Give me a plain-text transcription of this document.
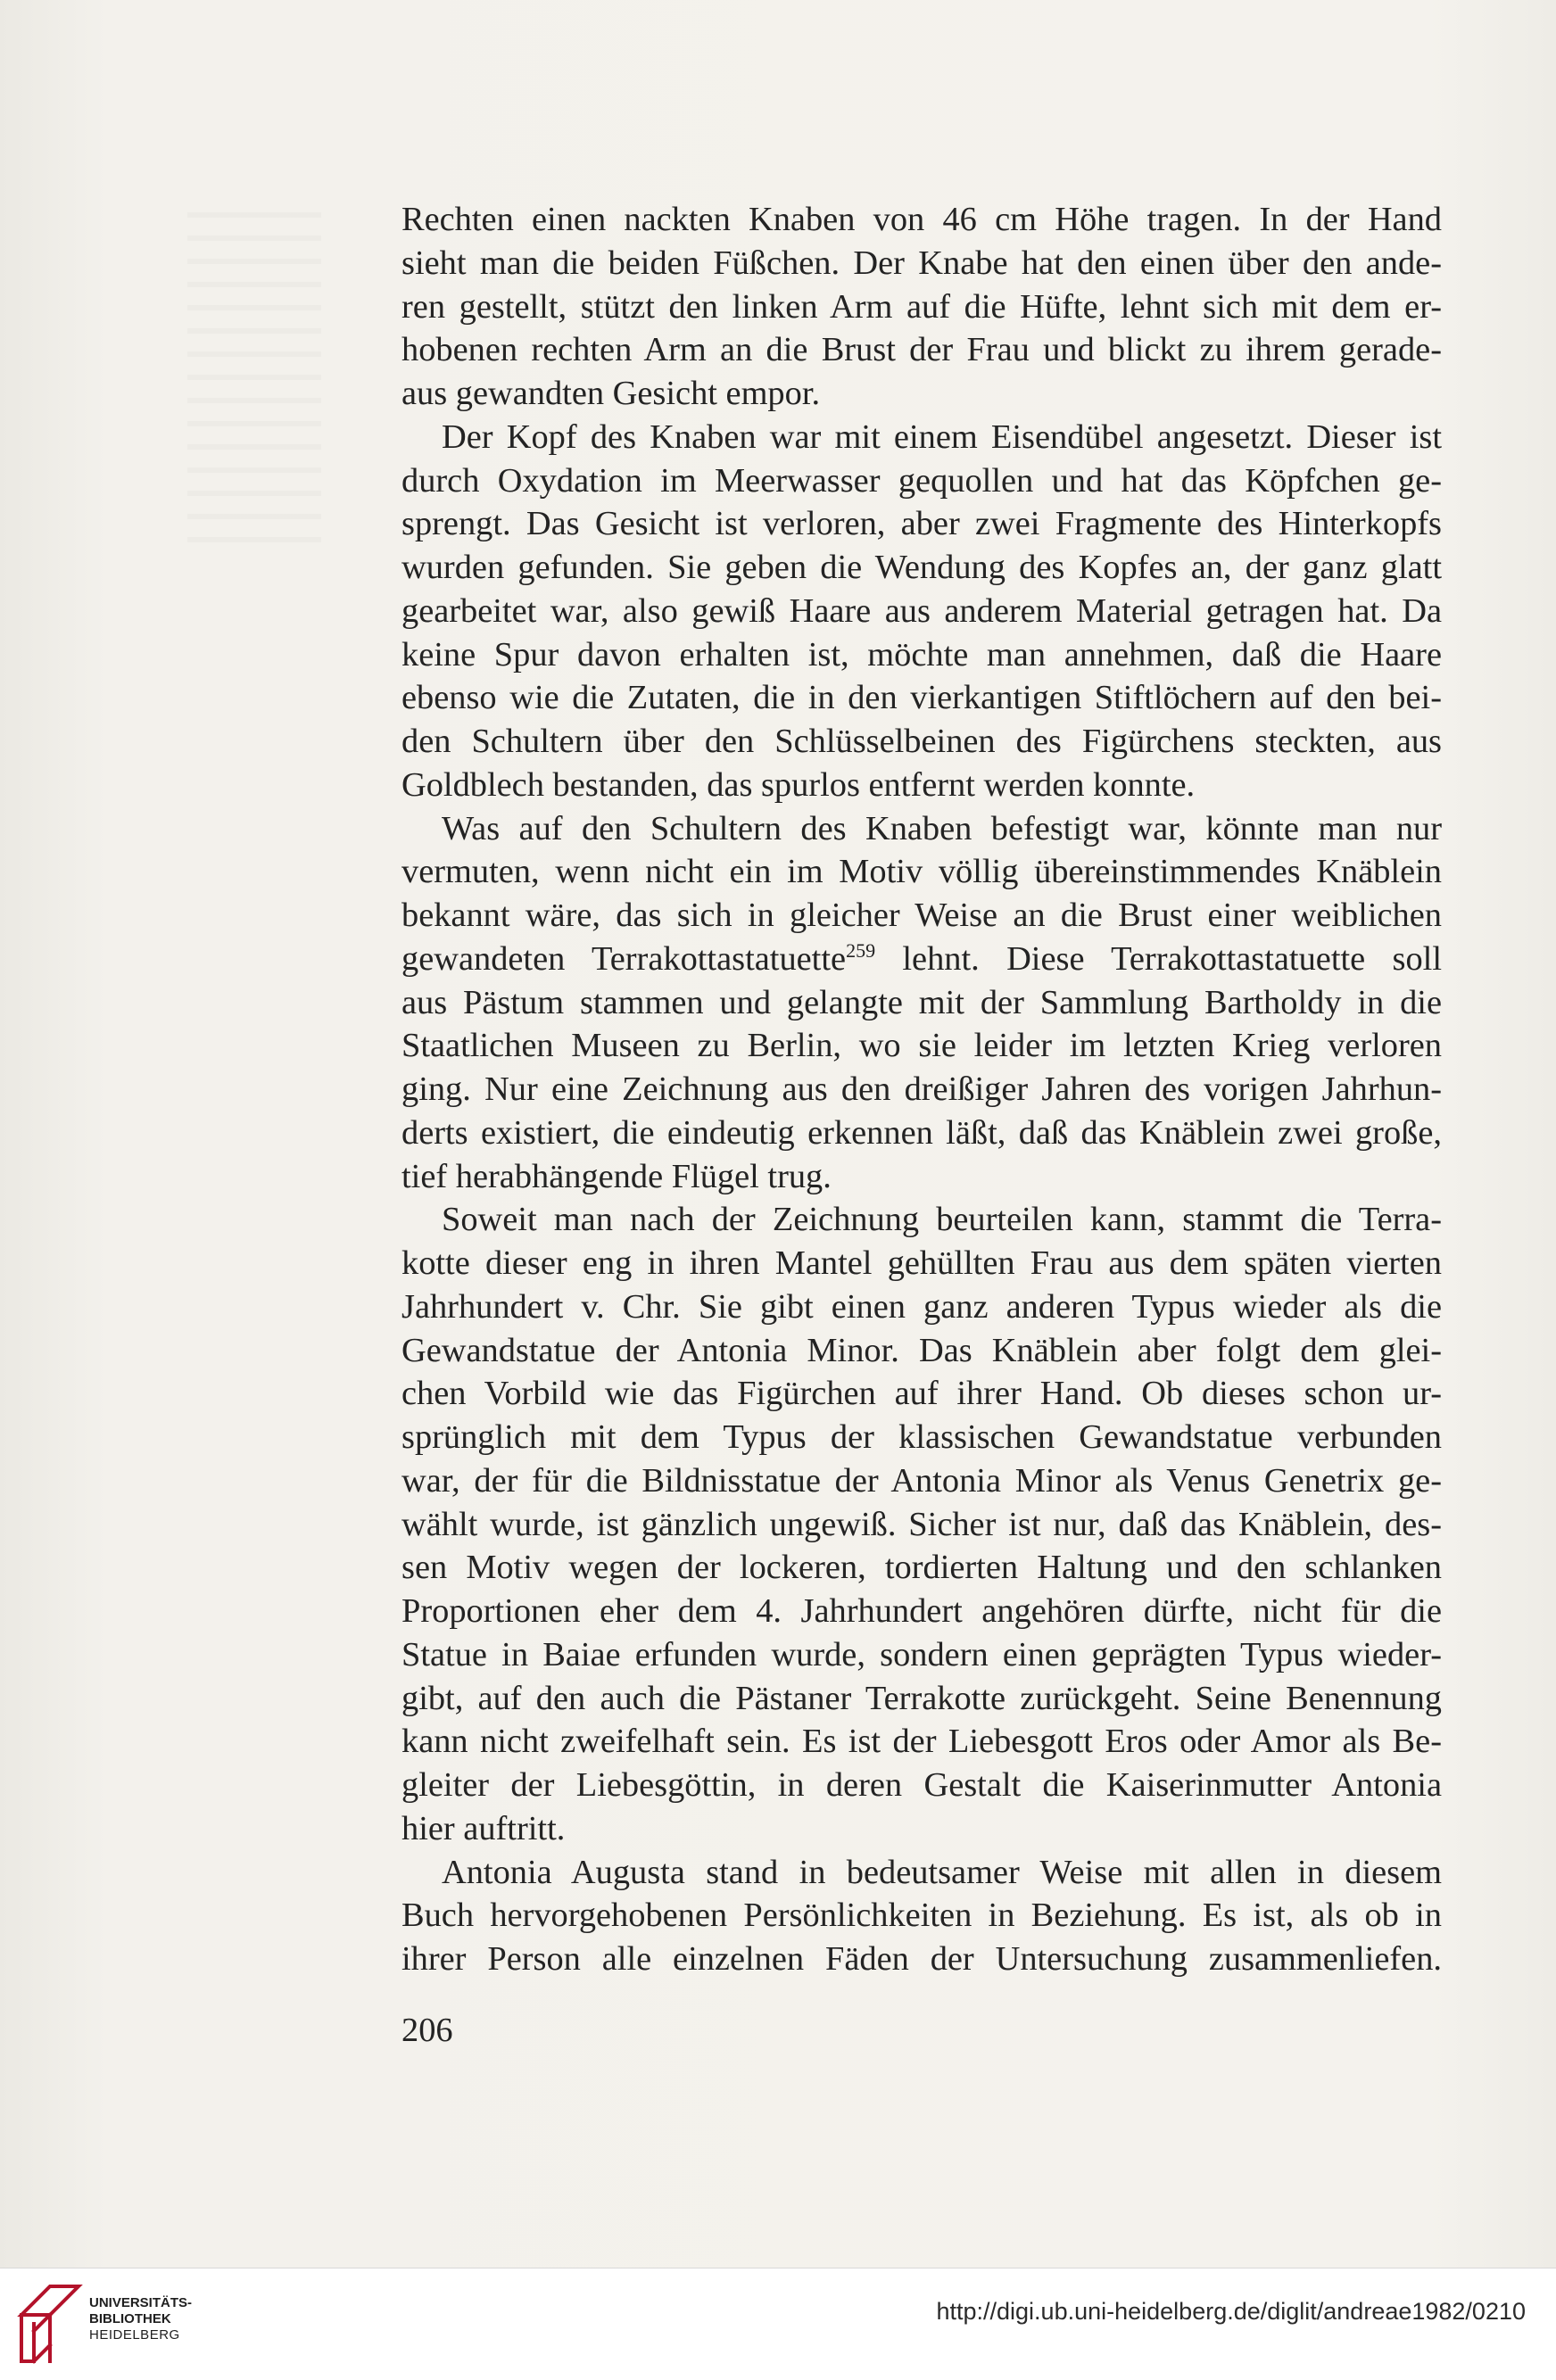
Rechten einen nackten Knaben von 46 cm Höhe tragen. In der Hand
sieht man die beiden Füßchen. Der Knabe hat den einen über den ande-
ren gestellt, stützt den linken Arm auf die Hüfte, lehnt sich mit dem er-
hobenen rechten Arm an die Brust der Frau und blickt zu ihrem gerade-
aus gewandten Gesicht empor.
Der Kopf des Knaben war mit einem Eisendübel angesetzt. Dieser ist
durch Oxydation im Meerwasser gequollen und hat das Köpfchen ge-
sprengt. Das Gesicht ist verloren, aber zwei Fragmente des Hinterkopfs
wurden gefunden. Sie geben die Wendung des Kopfes an, der ganz glatt
gearbeitet war, also gewiß Haare aus anderem Material getragen hat. Da
keine Spur davon erhalten ist, möchte man annehmen, daß die Haare
ebenso wie die Zutaten, die in den vierkantigen Stiftlöchern auf den bei-
den Schultern über den Schlüsselbeinen des Figürchens steckten, aus
Goldblech bestanden, das spurlos entfernt werden konnte.
Was auf den Schultern des Knaben befestigt war, könnte man nur
vermuten, wenn nicht ein im Motiv völlig übereinstimmendes Knäblein
bekannt wäre, das sich in gleicher Weise an die Brust einer weiblichen
gewandeten Terrakottastatuette$^{259}$ lehnt. Diese Terrakottastatuette soll
aus Pästum stammen und gelangte mit der Sammlung Bartholdy in die
Staatlichen Museen zu Berlin, wo sie leider im letzten Krieg verloren
ging. Nur eine Zeichnung aus den dreißiger Jahren des vorigen Jahrhun-
derts existiert, die eindeutig erkennen läßt, daß das Knäblein zwei große,
tief herabhängende Flügel trug.
Soweit man nach der Zeichnung beurteilen kann, stammt die Terra-
kotte dieser eng in ihren Mantel gehüllten Frau aus dem späten vierten
Jahrhundert v. Chr. Sie gibt einen ganz anderen Typus wieder als die
Gewandstatue der Antonia Minor. Das Knäblein aber folgt dem glei-
chen Vorbild wie das Figürchen auf ihrer Hand. Ob dieses schon ur-
sprünglich mit dem Typus der klassischen Gewandstatue verbunden
war, der für die Bildnisstatue der Antonia Minor als Venus Genetrix ge-
wählt wurde, ist gänzlich ungewiß. Sicher ist nur, daß das Knäblein, des-
sen Motiv wegen der lockeren, tordierten Haltung und den schlanken
Proportionen eher dem 4. Jahrhundert angehören dürfte, nicht für die
Statue in Baiae erfunden wurde, sondern einen geprägten Typus wieder-
gibt, auf den auch die Pästaner Terrakotte zurückgeht. Seine Benennung
kann nicht zweifelhaft sein. Es ist der Liebesgott Eros oder Amor als Be-
gleiter der Liebesgöttin, in deren Gestalt die Kaiserinmutter Antonia
hier auftritt.
Antonia Augusta stand in bedeutsamer Weise mit allen in diesem
Buch hervorgehobenen Persönlichkeiten in Beziehung. Es ist, als ob in
ihrer Person alle einzelnen Fäden der Untersuchung zusammenliefen.
206
UNIVERSITÄTS-
BIBLIOTHEK
HEIDELBERG
http://digi.ub.uni-heidelberg.de/diglit/andreae1982/0210
